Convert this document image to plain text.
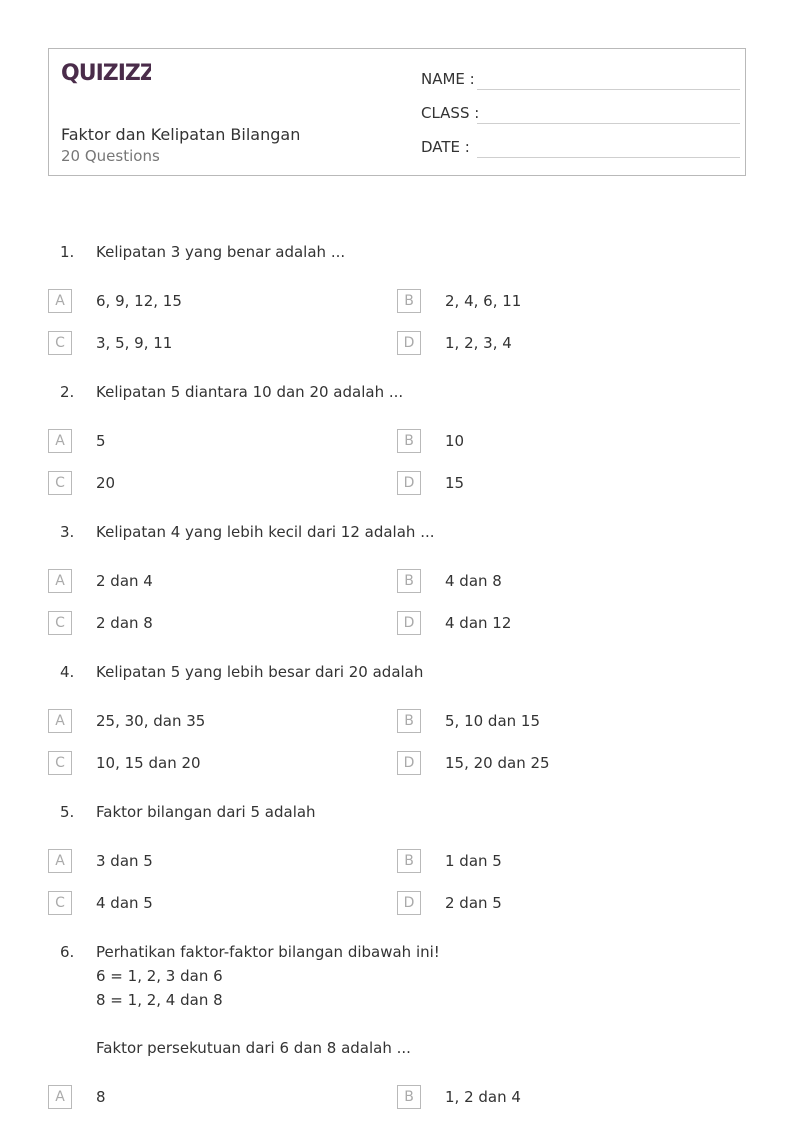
QUIZIZZ
Faktor dan Kelipatan Bilangan
20 Questions
NAME :
CLASS :
DATE :
1. Kelipatan 3 yang benar adalah ...
A	6, 9, 12, 15	B	2, 4, 6, 11
C	3, 5, 9, 11	D	1, 2, 3, 4
2. Kelipatan 5 diantara 10 dan 20 adalah ...
A	5	B	10
C	20	D	15
3. Kelipatan 4 yang lebih kecil dari 12 adalah ...
A	2 dan 4	B	4 dan 8
C	2 dan 8	D	4 dan 12
4. Kelipatan 5 yang lebih besar dari 20 adalah
A	25, 30, dan 35	B	5, 10 dan 15
C	10, 15 dan 20	D	15, 20 dan 25
5. Faktor bilangan dari 5 adalah
A	3 dan 5	B	1 dan 5
C	4 dan 5	D	2 dan 5
6. Perhatikan faktor-faktor bilangan dibawah ini!
6 = 1, 2, 3 dan 6
8 = 1, 2, 4 dan 8

Faktor persekutuan dari 6 dan 8 adalah ...
A	8	B	1, 2 dan 4
